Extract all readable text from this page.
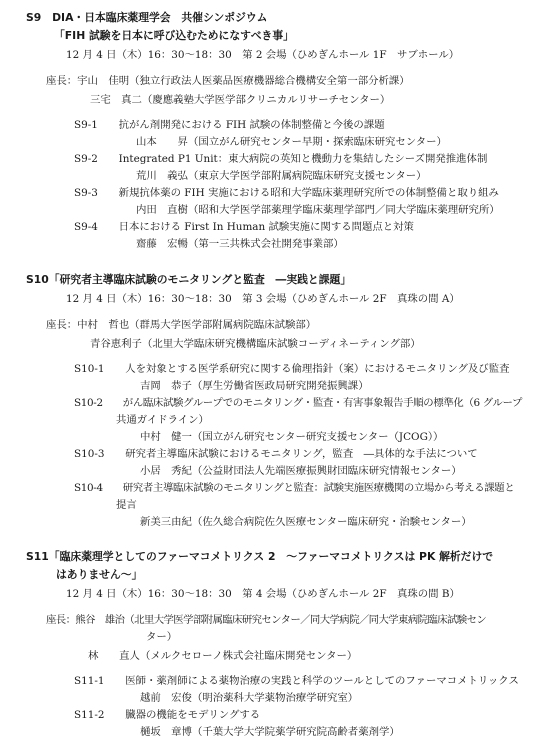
S9　DIA・日本臨床薬理学会　共催シンポジウム
「FIH 試験を日本に呼び込むためになすべき事」
12 月 4 日（木）16：30〜18：30　第 2 会場（ひめぎんホール 1F　サブホール）
座長：宇山　佳明（独立行政法人医薬品医療機器総合機構安全第一部分析課）
三宅　真二（慶應義塾大学医学部クリニカルリサーチセンター）
S9-1　　抗がん剤開発における FIH 試験の体制整備と今後の課題
山本　　昇（国立がん研究センター早期・探索臨床研究センター）
S9-2　　Integrated P1 Unit：東大病院の英知と機動力を集結したシーズ開発推進体制
荒川　義弘（東京大学医学部附属病院臨床研究支援センター）
S9-3　　新規抗体薬の FIH 実施における昭和大学臨床薬理研究所での体制整備と取り組み
内田　直樹（昭和大学医学部薬理学臨床薬理学部門／同大学臨床薬理研究所）
S9-4　　日本における First In Human 試験実施に関する問題点と対策
齋藤　宏暢（第一三共株式会社開発事業部）
S10「研究者主導臨床試験のモニタリングと監査　―実践と課題」
12 月 4 日（木）16：30〜18：30　第 3 会場（ひめぎんホール 2F　真珠の間 A）
座長：中村　哲也（群馬大学医学部附属病院臨床試験部）
青谷恵利子（北里大学臨床研究機構臨床試験コーディネーティング部）
S10-1　　人を対象とする医学系研究に関する倫理指針（案）におけるモニタリング及び監査
吉岡　恭子（厚生労働省医政局研究開発振興課）
S10-2　　がん臨床試験グループでのモニタリング・監査・有害事象報告手順の標準化（6 グループ
共通ガイドライン）
中村　健一（国立がん研究センター研究支援センター（JCOG））
S10-3　　研究者主導臨床試験におけるモニタリング，監査　―具体的な手法について
小居　秀紀（公益財団法人先端医療振興財団臨床研究情報センター）
S10-4　　研究者主導臨床試験のモニタリングと監査：試験実施医療機関の立場から考える課題と
提言
新美三由紀（佐久総合病院佐久医療センター臨床研究・治験センター）
S11「臨床薬理学としてのファーマコメトリクス 2　〜ファーマコメトリクスは PK 解析だけで
はありません〜」
12 月 4 日（木）16：30〜18：30　第 4 会場（ひめぎんホール 2F　真珠の間 B）
座長：熊谷　雄治（北里大学医学部附属臨床研究センター／同大学病院／同大学東病院臨床試験セン
ター）
林　　直人（メルクセローノ株式会社臨床開発センター）
S11-1　　医師・薬剤師による薬物治療の実践と科学のツールとしてのファーマコメトリックス
越前　宏俊（明治薬科大学薬物治療学研究室）
S11-2　　臓器の機能をモデリングする
樋坂　章博（千葉大学大学院薬学研究院高齢者薬剤学）
